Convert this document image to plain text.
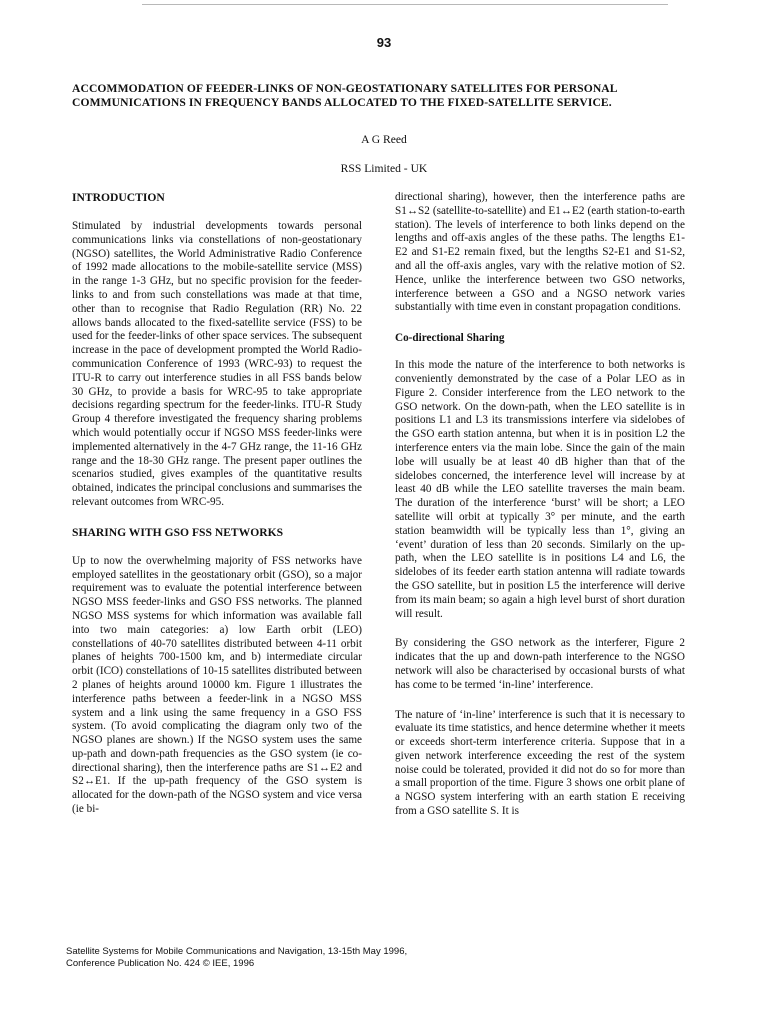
93
ACCOMMODATION OF FEEDER-LINKS OF NON-GEOSTATIONARY SATELLITES FOR PERSONAL
COMMUNICATIONS IN FREQUENCY BANDS ALLOCATED TO THE FIXED-SATELLITE SERVICE.

A G Reed

RSS Limited - UK

INTRODUCTION

Stimulated by industrial developments towards personal communications links via constellations of non-geostationary (NGSO) satellites, the World Administrative Radio Conference of 1992 made allocations to the mobile-satellite service (MSS) in the range 1-3 GHz, but no specific provision for the feeder-links to and from such constellations was made at that time, other than to recognise that Radio Regulation (RR) No. 22 allows bands allocated to the fixed-satellite service (FSS) to be used for the feeder-links of other space services. The subsequent increase in the pace of development prompted the World Radio-communication Conference of 1993 (WRC-93) to request the ITU-R to carry out interference studies in all FSS bands below 30 GHz, to provide a basis for WRC-95 to take appropriate decisions regarding spectrum for the feeder-links. ITU-R Study Group 4 therefore investigated the frequency sharing problems which would potentially occur if NGSO MSS feeder-links were implemented alternatively in the 4-7 GHz range, the 11-16 GHz range and the 18-30 GHz range. The present paper outlines the scenarios studied, gives examples of the quantitative results obtained, indicates the principal conclusions and summarises the relevant outcomes from WRC-95.

SHARING WITH GSO FSS NETWORKS

Up to now the overwhelming majority of FSS networks have employed satellites in the geostationary orbit (GSO), so a major requirement was to evaluate the potential interference between NGSO MSS feeder-links and GSO FSS networks. The planned NGSO MSS systems for which information was available fall into two main categories: a) low Earth orbit (LEO) constellations of 40-70 satellites distributed between 4-11 orbit planes of heights 700-1500 km, and b) intermediate circular orbit (ICO) constellations of 10-15 satellites distributed between 2 planes of heights around 10000 km. Figure 1 illustrates the interference paths between a feeder-link in a NGSO MSS system and a link using the same frequency in a GSO FSS system. (To avoid complicating the diagram only two of the NGSO planes are shown.) If the NGSO system uses the same up-path and down-path frequencies as the GSO system (ie co-directional sharing), then the interference paths are S1↔E2 and S2↔E1. If the up-path frequency of the GSO system is allocated for the down-path of the NGSO system and vice versa (ie bi-

directional sharing), however, then the interference paths are S1↔S2 (satellite-to-satellite) and E1↔E2 (earth station-to-earth station). The levels of interference to both links depend on the lengths and off-axis angles of the these paths. The lengths E1-E2 and S1-E2 remain fixed, but the lengths S2-E1 and S1-S2, and all the off-axis angles, vary with the relative motion of S2. Hence, unlike the interference between two GSO networks, interference between a GSO and a NGSO network varies substantially with time even in constant propagation conditions.

Co-directional Sharing

In this mode the nature of the interference to both networks is conveniently demonstrated by the case of a Polar LEO as in Figure 2. Consider interference from the LEO network to the GSO network. On the down-path, when the LEO satellite is in positions L1 and L3 its transmissions interfere via sidelobes of the GSO earth station antenna, but when it is in position L2 the interference enters via the main lobe. Since the gain of the main lobe will usually be at least 40 dB higher than that of the sidelobes concerned, the interference level will increase by at least 40 dB while the LEO satellite traverses the main beam. The duration of the interference ‘burst’ will be short; a LEO satellite will orbit at typically 3° per minute, and the earth station beamwidth will be typically less than 1°, giving an ‘event’ duration of less than 20 seconds. Similarly on the up-path, when the LEO satellite is in positions L4 and L6, the sidelobes of its feeder earth station antenna will radiate towards the GSO satellite, but in position L5 the interference will derive from its main beam; so again a high level burst of short duration will result.

By considering the GSO network as the interferer, Figure 2 indicates that the up and down-path interference to the NGSO network will also be characterised by occasional bursts of what has come to be termed ‘in-line’ interference.

The nature of ‘in-line’ interference is such that it is necessary to evaluate its time statistics, and hence determine whether it meets or exceeds short-term interference criteria. Suppose that in a given network interference exceeding the rest of the system noise could be tolerated, provided it did not do so for more than a small proportion of the time. Figure 3 shows one orbit plane of a NGSO system interfering with an earth station E receiving from a GSO satellite S. It is

Satellite Systems for Mobile Communications and Navigation, 13-15th May 1996,

Conference Publication No. 424 © IEE, 1996
